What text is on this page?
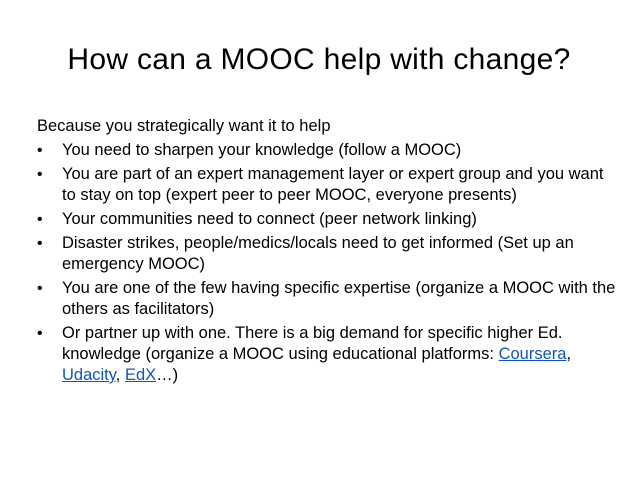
How can a MOOC help with change?
Because you strategically want it to help
•	You need to sharpen your knowledge (follow a MOOC)
•	You are part of an expert management layer or expert group and you want to stay on top (expert peer to peer MOOC, everyone presents)
•	Your communities need to connect (peer network linking)
•	Disaster strikes, people/medics/locals need to get informed (Set up an emergency MOOC)
•	You are one of the few having specific expertise (organize a MOOC with the others as facilitators)
•	Or partner up with one. There is a big demand for specific higher Ed. knowledge (organize a MOOC using educational platforms: Coursera, Udacity, EdX…)
